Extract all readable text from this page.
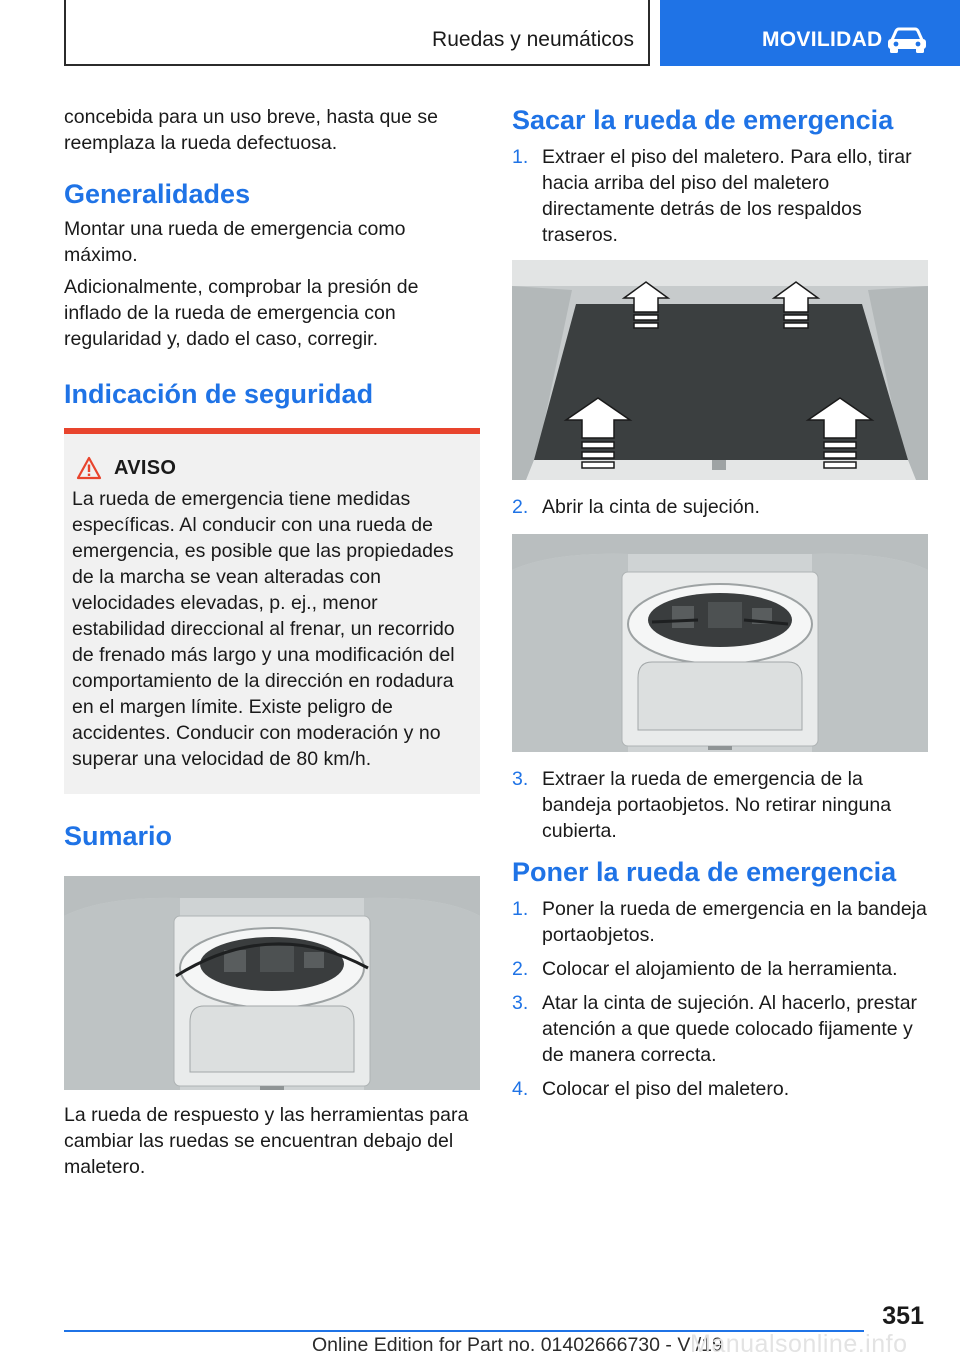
Ruedas y neumáticos	MOVILIDAD

concebida para un uso breve, hasta que se reemplaza la rueda defectuosa.

Generalidades

Montar una rueda de emergencia como máximo.

Adicionalmente, comprobar la presión de inflado de la rueda de emergencia con regularidad y, dado el caso, corregir.

Indicación de seguridad
AVISO

La rueda de emergencia tiene medidas específicas. Al conducir con una rueda de emergencia, es posible que las propiedades de la marcha se vean alteradas con velocidades elevadas, p. ej., menor estabilidad direccional al frenar, un recorrido de frenado más largo y una modificación del comportamiento de la dirección en rodadura en el margen límite. Existe peligro de accidentes. Conducir con moderación y no superar una velocidad de 80 km/h.

Sumario

La rueda de respuesto y las herramientas para cambiar las ruedas se encuentran debajo del maletero.

Sacar la rueda de emergencia
1. Extraer el piso del maletero. Para ello, tirar hacia arriba del piso del maletero directamente detrás de los respaldos traseros.
2. Abrir la cinta de sujeción.
3. Extraer la rueda de emergencia de la bandeja portaobjetos. No retirar ninguna cubierta.
Poner la rueda de emergencia
1. Poner la rueda de emergencia en la bandeja portaobjetos.
2. Colocar el alojamiento de la herramienta.
3. Atar la cinta de sujeción. Al hacerlo, prestar atención a que quede colocado fijamente y de manera correcta.
4. Colocar el piso del maletero.
351
Online Edition for Part no. 01402666730 - VI/19
Manualsonline.info
